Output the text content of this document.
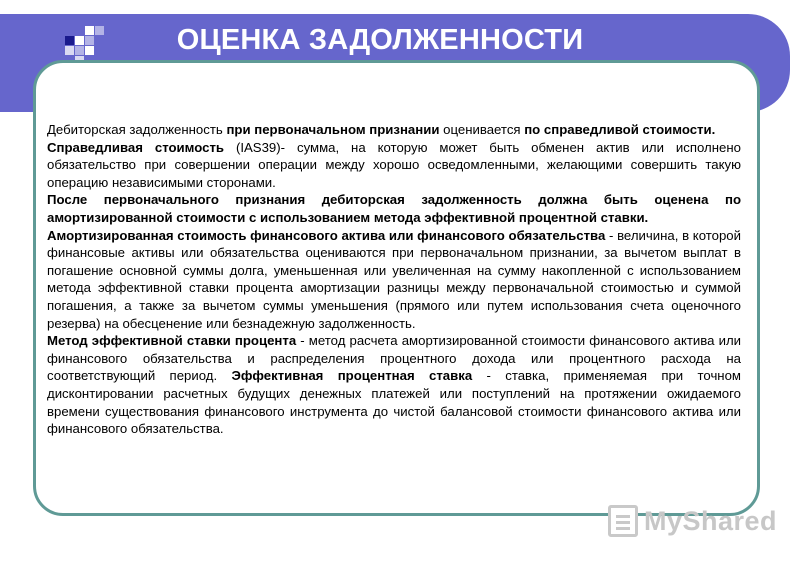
ОЦЕНКА ЗАДОЛЖЕННОСТИ

Дебиторская задолженность при первоначальном признании оценивается по справедливой стоимости.

Справедливая стоимость (IAS39)- сумма, на которую может быть обменен актив или исполнено обязательство при совершении операции между хорошо осведомленными, желающими совершить такую операцию независимыми сторонами.

После первоначального признания дебиторская задолженность должна быть оценена по амортизированной стоимости с использованием метода эффективной процентной ставки.

Амортизированная стоимость финансового актива или финансового обязательства - величина, в которой финансовые активы или обязательства оцениваются при первоначальном признании, за вычетом выплат в погашение основной суммы долга, уменьшенная или увеличенная на сумму накопленной с использованием метода эффективной ставки процента амортизации разницы между первоначальной стоимостью и суммой погашения, а также за вычетом суммы уменьшения (прямого или путем использования счета оценочного резерва) на обесценение или безнадежную задолженность.

Метод эффективной ставки процента - метод расчета амортизированной стоимости финансового актива или финансового обязательства и распределения процентного дохода или процентного расхода на соответствующий период. Эффективная процентная ставка - ставка, применяемая при точном дисконтировании расчетных будущих денежных платежей или поступлений на протяжении ожидаемого времени существования финансового инструмента до чистой балансовой стоимости финансового актива или финансового обязательства.

MyShared
